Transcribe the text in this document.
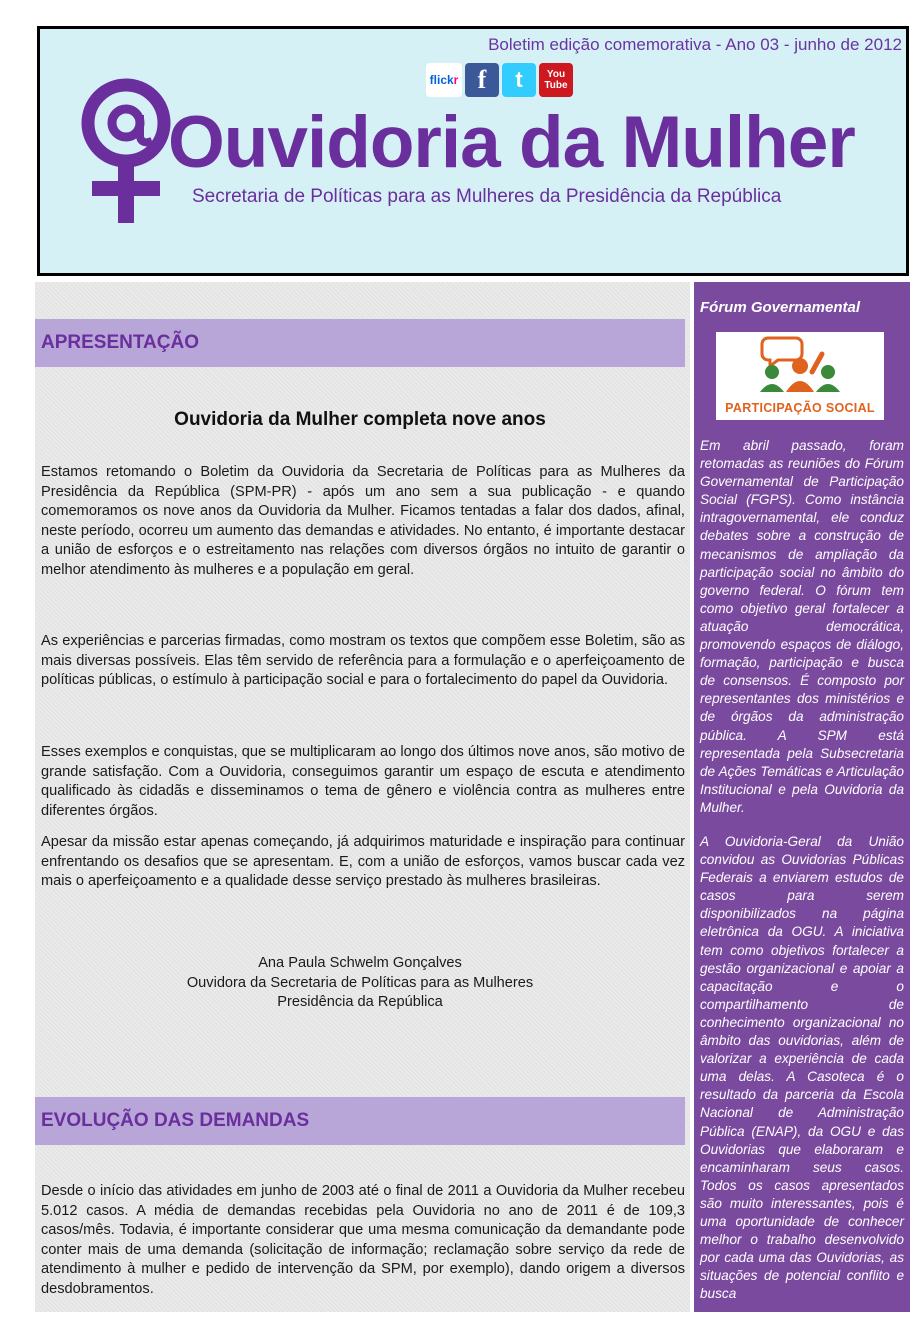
Boletim edição comemorativa - Ano 03 - junho de 2012
flick r f	t	You Tube
Ouvidoria da Mulher
Secretaria de Políticas para as Mulheres da Presidência da República
APRESENTAÇÃO
Ouvidoria da Mulher completa nove anos

Estamos retomando o Boletim da Ouvidoria da Secretaria de Políticas para as Mulheres da Presidência da República (SPM-PR) - após um ano sem a sua publicação - e quando comemoramos os nove anos da Ouvidoria da Mulher. Ficamos tentadas a falar dos dados, afinal, neste período, ocorreu um aumento das demandas e atividades. No entanto, é importante destacar a união de esforços e o estreitamento nas relações com diversos órgãos no intuito de garantir o melhor atendimento às mulheres e a população em geral.

As experiências e parcerias firmadas, como mostram os textos que compõem esse Boletim, são as mais diversas possíveis. Elas têm servido de referência para a formulação e o aperfeiçoamento de políticas públicas, o estímulo à participação social e para o fortalecimento do papel da Ouvidoria.

Esses exemplos e conquistas, que se multiplicaram ao longo dos últimos nove anos, são motivo de grande satisfação. Com a Ouvidoria, conseguimos garantir um espaço de escuta e atendimento qualificado às cidadãs e disseminamos o tema de gênero e violência contra as mulheres entre diferentes órgãos.

Apesar da missão estar apenas começando, já adquirimos maturidade e inspiração para continuar enfrentando os desafios que se apresentam. E, com a união de esforços, vamos buscar cada vez mais o aperfeiçoamento e a qualidade desse serviço prestado às mulheres brasileiras.

Ana Paula Schwelm Gonçalves
Ouvidora da Secretaria de Políticas para as Mulheres
Presidência da República
EVOLUÇÃO DAS DEMANDAS

Desde o início das atividades em junho de 2003 até o final de 2011 a Ouvidoria da Mulher recebeu 5.012 casos. A média de demandas recebidas pela Ouvidoria no ano de 2011 é de 109,3 casos/mês. Todavia, é importante considerar que uma mesma comunicação da demandante pode conter mais de uma demanda (solicitação de informação; reclamação sobre serviço da rede de atendimento à mulher e pedido de intervenção da SPM, por exemplo), dando origem a diversos desdobramentos.

Fórum Governamental
PARTICIPAÇÃO SOCIAL

Em abril passado, foram retomadas as reuniões do Fórum Governamental de Participação Social (FGPS). Como instância intragovernamental, ele conduz debates sobre a construção de mecanismos de ampliação da participação social no âmbito do governo federal. O fórum tem como objetivo geral fortalecer a atuação democrática, promovendo espaços de diálogo, formação, participação e busca de consensos. É composto por representantes dos ministérios e de órgãos da administração pública. A SPM está representada pela Subsecretaria de Ações Temáticas e Articulação Institucional e pela Ouvidoria da Mulher.

A Ouvidoria-Geral da União convidou as Ouvidorias Públicas Federais a enviarem estudos de casos para serem disponibilizados na página eletrônica da OGU. A iniciativa tem como objetivos fortalecer a gestão organizacional e apoiar a capacitação e o compartilhamento de conhecimento organizacional no âmbito das ouvidorias, além de valorizar a experiência de cada uma delas. A Casoteca é o resultado da parceria da Escola Nacional de Administração Pública (ENAP), da OGU e das Ouvidorias que elaboraram e encaminharam seus casos. Todos os casos apresentados são muito interessantes, pois é uma oportunidade de conhecer melhor o trabalho desenvolvido por cada uma das Ouvidorias, as situações de potencial conflito e busca
